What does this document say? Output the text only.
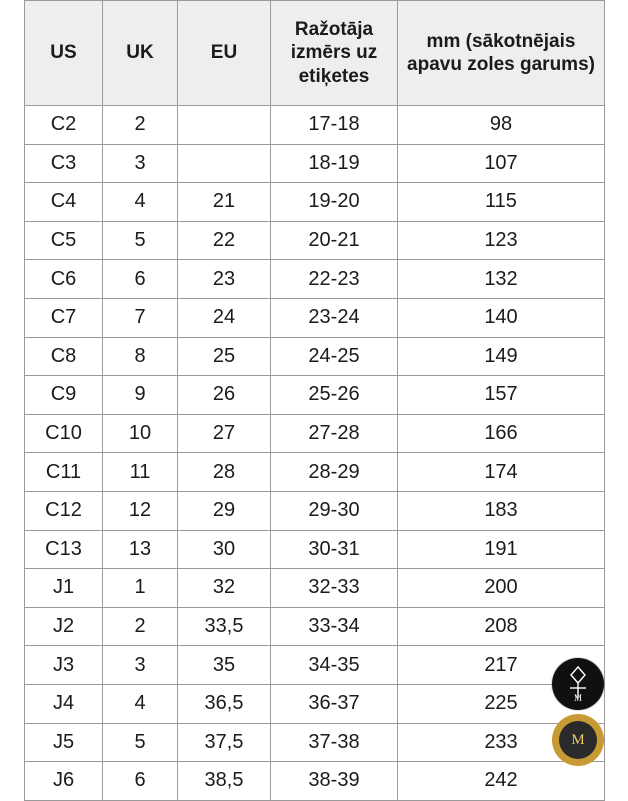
US	UK	EU	Ražotāja izmērs uz etiķetes	mm (sākotnējais apavu zoles garums)
C2	2		17-18	98
C3	3		18-19	107
C4	4	21	19-20	115
C5	5	22	20-21	123
C6	6	23	22-23	132
C7	7	24	23-24	140
C8	8	25	24-25	149
C9	9	26	25-26	157
C10	10	27	27-28	166
C11	11	28	28-29	174
C12	12	29	29-30	183
C13	13	30	30-31	191
J1	1	32	32-33	200
J2	2	33,5	33-34	208
J3	3	35	34-35	217
J4	4	36,5	36-37	225
J5	5	37,5	37-38	233
J6	6	38,5	38-39	242
M
M
